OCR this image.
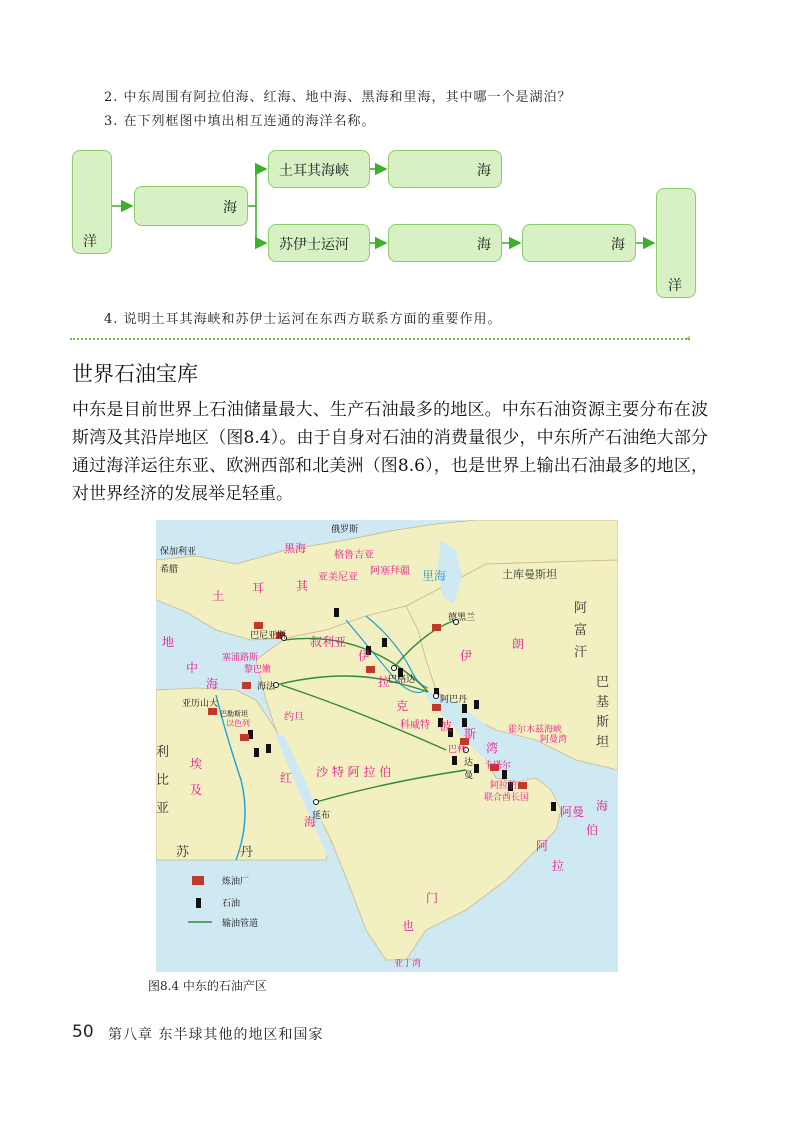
2. 中东周围有阿拉伯海、红海、地中海、黑海和里海，其中哪一个是湖泊？
3. 在下列框图中填出相互连通的海洋名称。
洋
海
土耳其海峡	海
苏伊士运河	海	海
洋
4. 说明土耳其海峡和苏伊士运河在东西方联系方面的重要作用。
‹
世界石油宝库
中东是目前世界上石油储量最大、生产石油最多的地区。中东石油资源主要分布在波斯湾及其沿岸地区（图8.4）。由于自身对石油的消费量很少，中东所产石油绝大部分通过海洋运往东亚、欧洲西部和北美洲（图8.6），也是世界上输出石油最多的地区，对世界经济的发展举足轻重。
俄罗斯
保加利亚
希腊
德黑兰
巴尼亚斯
巴格达
海法
亚历山大
巴勒斯坦
阿巴丹
达
曼
延布
土库曼斯坦
阿
富
汗
巴
基
斯
坦
利
比
亚
苏	丹
格鲁吉亚
亚美尼亚
阿塞拜疆
黑海
土
耳	其
叙利亚
塞浦路斯
黎巴嫩
伊
拉
克
伊
朗
地
中
海
以色列
约旦
科威特 波
斯
湾
巴林
卡塔尔
阿曼湾
霍尔木兹海峡
阿拉伯
联合酋长国
阿曼
埃
及
沙 特 阿 拉 伯
红
海
海
伯
阿
拉
门
也
亚丁湾
里海
炼油厂
石油
输油管道
图8.4 中东的石油产区
50 第八章 东半球其他的地区和国家
